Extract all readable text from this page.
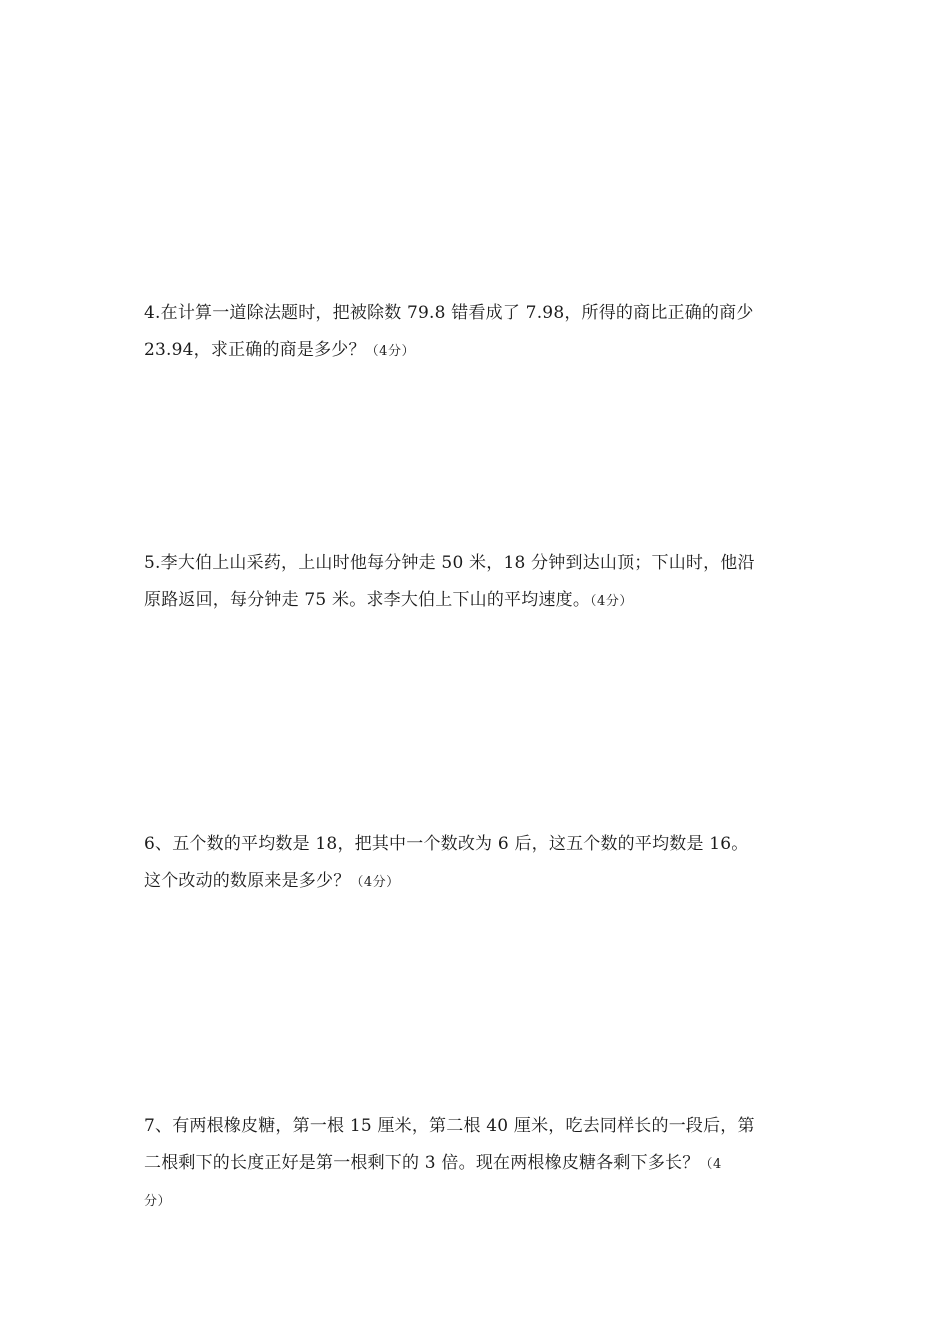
4.在计算一道除法题时，把被除数 79.8 错看成了 7.98，所得的商比正确的商少
23.94，求正确的商是多少？（4分）
5.李大伯上山采药，上山时他每分钟走 50 米，18 分钟到达山顶；下山时，他沿
原路返回，每分钟走 75 米。求李大伯上下山的平均速度。（4分）
6、五个数的平均数是 18，把其中一个数改为 6 后，这五个数的平均数是 16。
这个改动的数原来是多少？（4分）
7、有两根橡皮糖，第一根 15 厘米，第二根 40 厘米，吃去同样长的一段后，第
二根剩下的长度正好是第一根剩下的 3 倍。现在两根橡皮糖各剩下多长？（4
分）
